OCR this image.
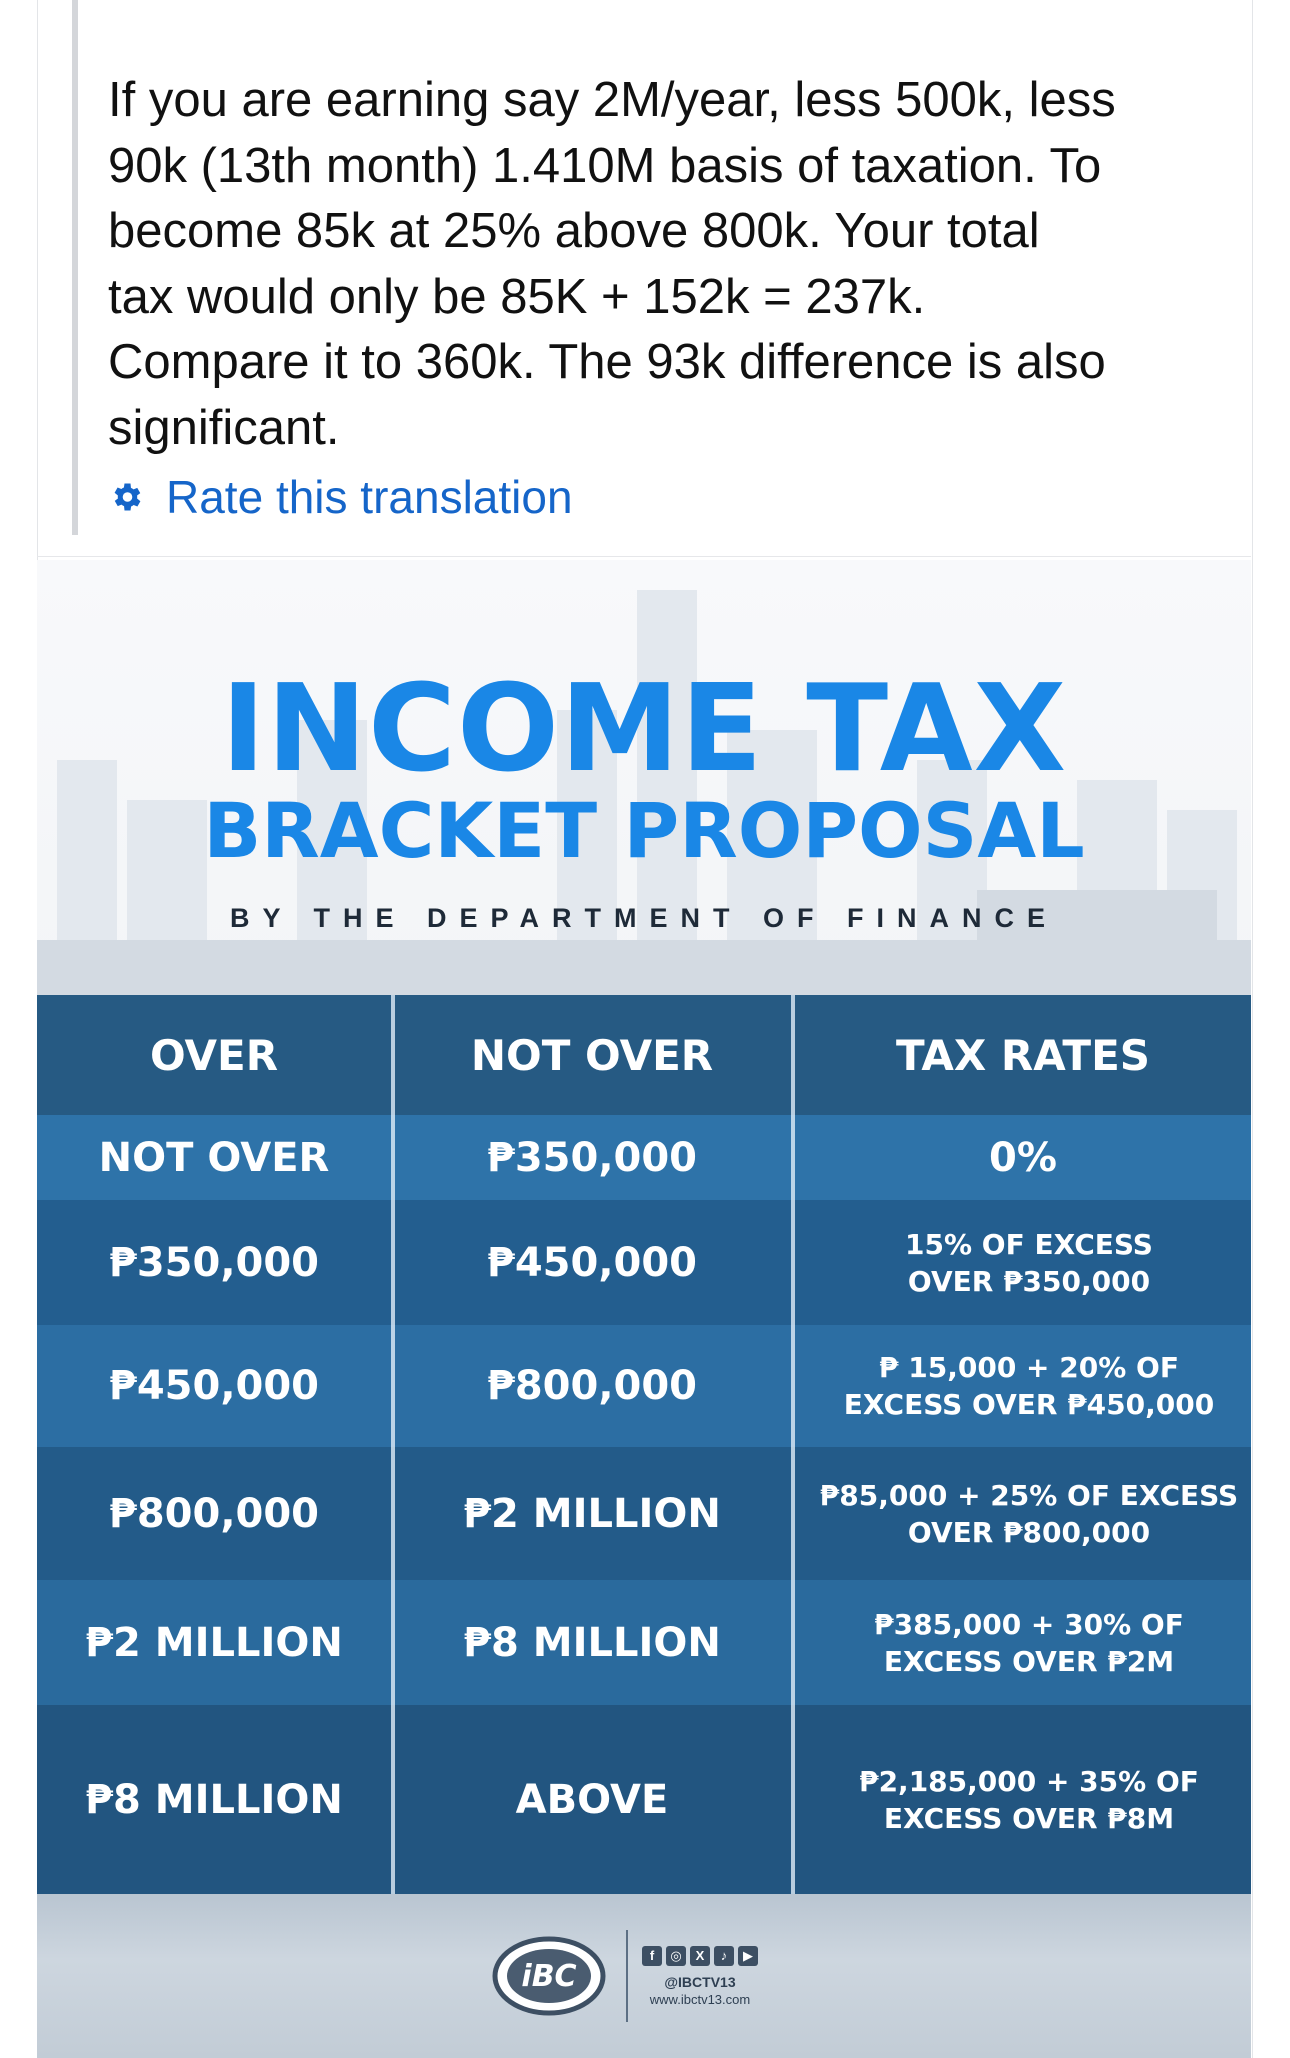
If you are earning say 2M/year, less 500k, less
90k (13th month) 1.410M basis of taxation. To
become 85k at 25% above 800k. Your total
tax would only be 85K + 152k = 237k.
Compare it to 360k. The 93k difference is also
significant.
Rate this translation
INCOME TAX
BRACKET PROPOSAL
BY THE DEPARTMENT OF FINANCE
OVER	NOT OVER	TAX RATES
NOT OVER	₱350,000	0%
₱350,000	₱450,000	15% OF EXCESS
OVER ₱350,000
₱450,000	₱800,000	₱ 15,000 + 20% OF
EXCESS OVER ₱450,000
₱800,000	₱2 MILLION	₱85,000 + 25% OF EXCESS
OVER ₱800,000
₱2 MILLION	₱8 MILLION	₱385,000 + 30% OF
EXCESS OVER ₱2M
₱8 MILLION	ABOVE	₱2,185,000 + 35% OF
EXCESS OVER ₱8M
iBC
f	◎	X	♪	▶
@IBCTV13
www.ibctv13.com
